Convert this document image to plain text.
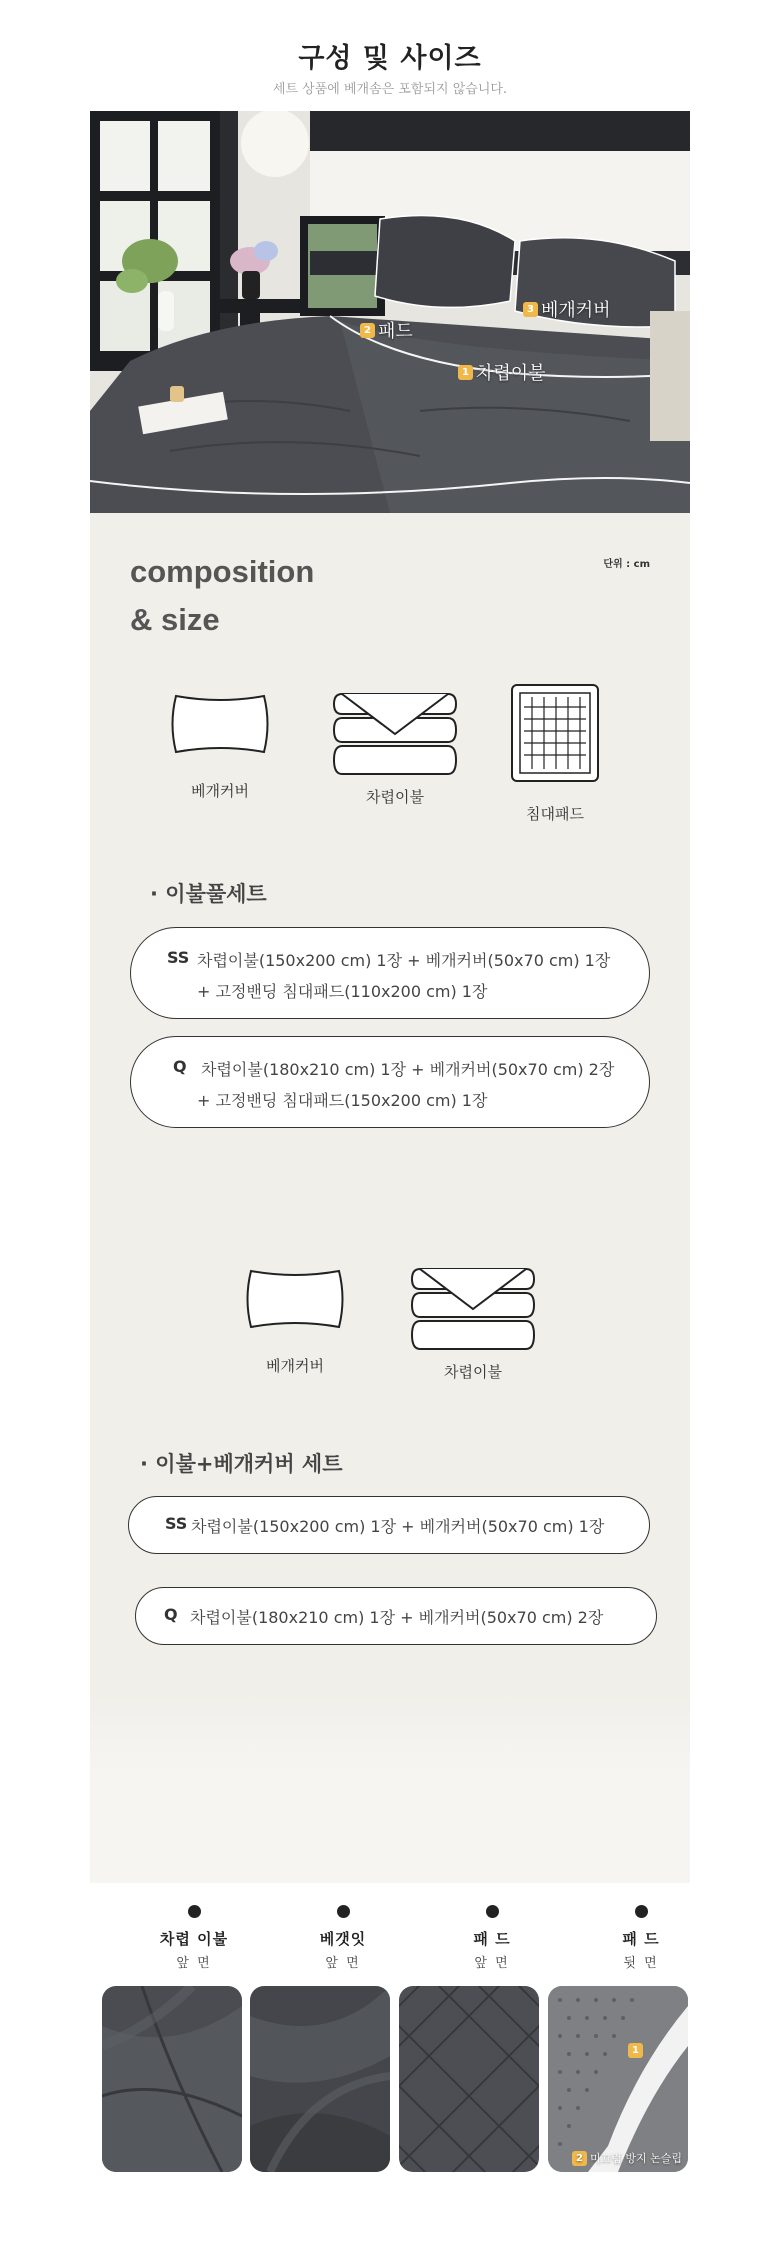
구성 및 사이즈
세트 상품에 베개솜은 포함되지 않습니다.
2 패드
3 베개커버
1 차렵이불
composition
& size
단위 : cm
베개커버	차렵이불
침대패드
· 이불풀세트
SS 차렵이불(150x200 cm) 1장 + 베개커버(50x70 cm) 1장
+ 고정밴딩 침대패드(110x200 cm) 1장
Q 차렵이불(180x210 cm) 1장 + 베개커버(50x70 cm) 2장
+ 고정밴딩 침대패드(150x200 cm) 1장
베개커버	차렵이불
· 이불+베개커버 세트
SS 차렵이불(150x200 cm) 1장 + 베개커버(50x70 cm) 1장
Q 차렵이불(180x210 cm) 1장 + 베개커버(50x70 cm) 2장
차렵 이불
앞 면
베갯잇
앞 면
패 드
앞 면
패 드
뒷 면
1
2 미끄럼 방지 논슬립
